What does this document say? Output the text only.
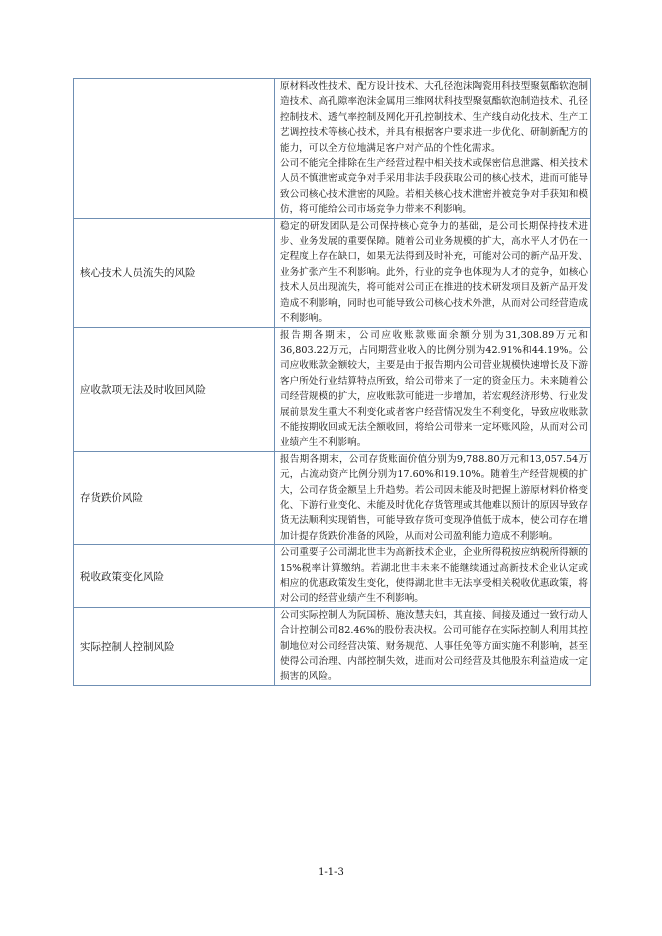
	原材料改性技术、配方设计技术、大孔径泡沫陶瓷用科技型聚氨酯软泡制造技术、高孔隙率泡沫金属用三维网状科技型聚氨酯软泡制造技术、孔径控制技术、透气率控制及网化开孔控制技术、生产线自动化技术、生产工艺调控技术等核心技术，并具有根据客户要求进一步优化、研制新配方的能力，可以全方位地满足客户对产品的个性化需求。

公司不能完全排除在生产经营过程中相关技术或保密信息泄露、相关技术人员不慎泄密或竞争对手采用非法手段获取公司的核心技术，进而可能导致公司核心技术泄密的风险。若相关核心技术泄密并被竞争对手获知和模仿，将可能给公司市场竞争力带来不利影响。

核心技术人员流失的风险	稳定的研发团队是公司保持核心竞争力的基础，是公司长期保持技术进步、业务发展的重要保障。随着公司业务规模的扩大，高水平人才仍在一定程度上存在缺口，如果无法得到及时补充，可能对公司的新产品开发、业务扩张产生不利影响。此外，行业的竞争也体现为人才的竞争，如核心技术人员出现流失，将可能对公司正在推进的技术研发项目及新产品开发造成不利影响，同时也可能导致公司核心技术外泄，从而对公司经营造成不利影响。

应收款项无法及时收回风险	报告期各期末，公司应收账款账面余额分别为31,308.89万元和36,803.22万元，占同期营业收入的比例分别为42.91%和44.19%。公司应收账款金额较大，主要是由于报告期内公司营业规模快速增长及下游客户所处行业结算特点所致，给公司带来了一定的资金压力。未来随着公司经营规模的扩大，应收账款可能进一步增加，若宏观经济形势、行业发展前景发生重大不利变化或者客户经营情况发生不利变化，导致应收账款不能按期收回或无法全额收回，将给公司带来一定坏账风险，从而对公司业绩产生不利影响。

存货跌价风险	报告期各期末，公司存货账面价值分别为9,788.80万元和13,057.54万元，占流动资产比例分别为17.60%和19.10%。随着生产经营规模的扩大，公司存货金额呈上升趋势。若公司因未能及时把握上游原材料价格变化、下游行业变化、未能及时优化存货管理或其他难以预计的原因导致存货无法顺利实现销售，可能导致存货可变现净值低于成本，使公司存在增加计提存货跌价准备的风险，从而对公司盈利能力造成不利影响。

税收政策变化风险	公司重要子公司湖北世丰为高新技术企业，企业所得税按应纳税所得额的15%税率计算缴纳。若湖北世丰未来不能继续通过高新技术企业认定或相应的优惠政策发生变化，使得湖北世丰无法享受相关税收优惠政策，将对公司的经营业绩产生不利影响。

实际控制人控制风险	公司实际控制人为阮国桥、施汝慧夫妇，其直接、间接及通过一致行动人合计控制公司82.46%的股份表决权。公司可能存在实际控制人利用其控制地位对公司经营决策、财务规范、人事任免等方面实施不利影响，甚至使得公司治理、内部控制失效，进而对公司经营及其他股东利益造成一定损害的风险。

1-1-3
